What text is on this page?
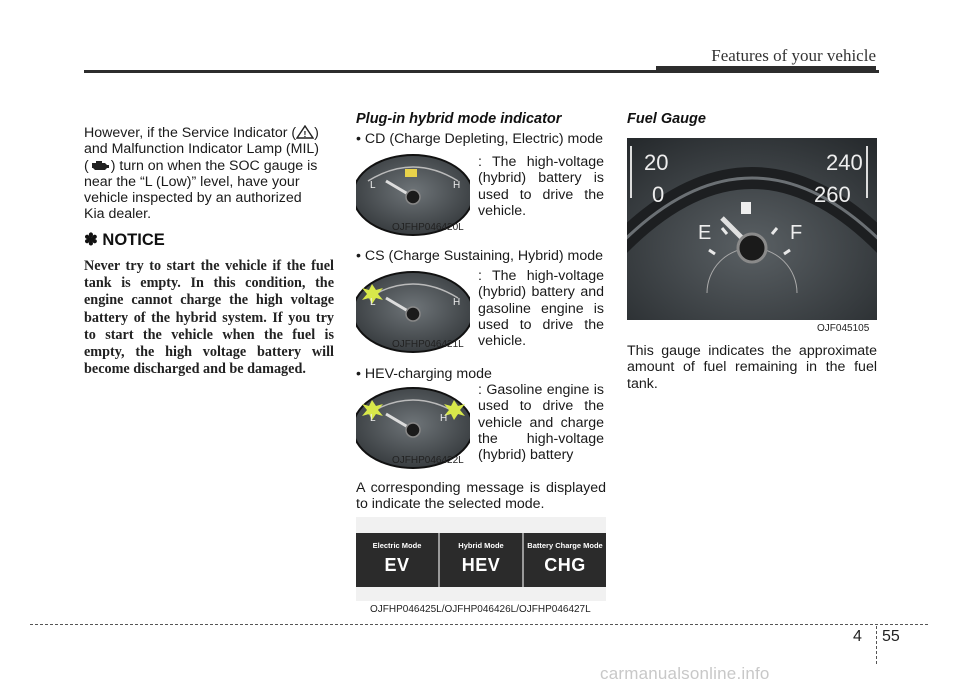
Features of your vehicle
However, if the Service Indicator ( ! )
and Malfunction Indicator Lamp (MIL)
( ) turn on when the SOC gauge is
near the “L (Low)” level, have your
vehicle inspected by an authorized
Kia dealer.
✽ NOTICE
Never try to start the vehicle if the fuel tank is empty. In this condition, the engine cannot charge the high voltage battery of the hybrid system. If you try to start the vehicle when the fuel is empty, the high voltage battery will become discharged and be damaged.
Plug-in hybrid mode indicator
• CD (Charge Depleting, Electric) mode
L	H
OJFHP046420L
: The high-voltage (hybrid) battery is used to drive the vehicle.
• CS (Charge Sustaining, Hybrid) mode
L	H
OJFHP046421L
: The high-voltage (hybrid) battery and gasoline engine is used to drive the vehicle.
• HEV-charging mode
L	H
OJFHP046422L
: Gasoline engine is used to drive the vehicle and charge the high-voltage (hybrid) battery
A corresponding message is displayed to indicate the selected mode.
Electric Mode
EV
Hybrid Mode
HEV
Battery Charge Mode
CHG
OJFHP046425L/OJFHP046426L/OJFHP046427L
Fuel Gauge
20
0
240
260
E	F
OJF045105
This gauge indicates the approximate amount of fuel remaining in the fuel tank.
4 55
carmanualsonline.info
